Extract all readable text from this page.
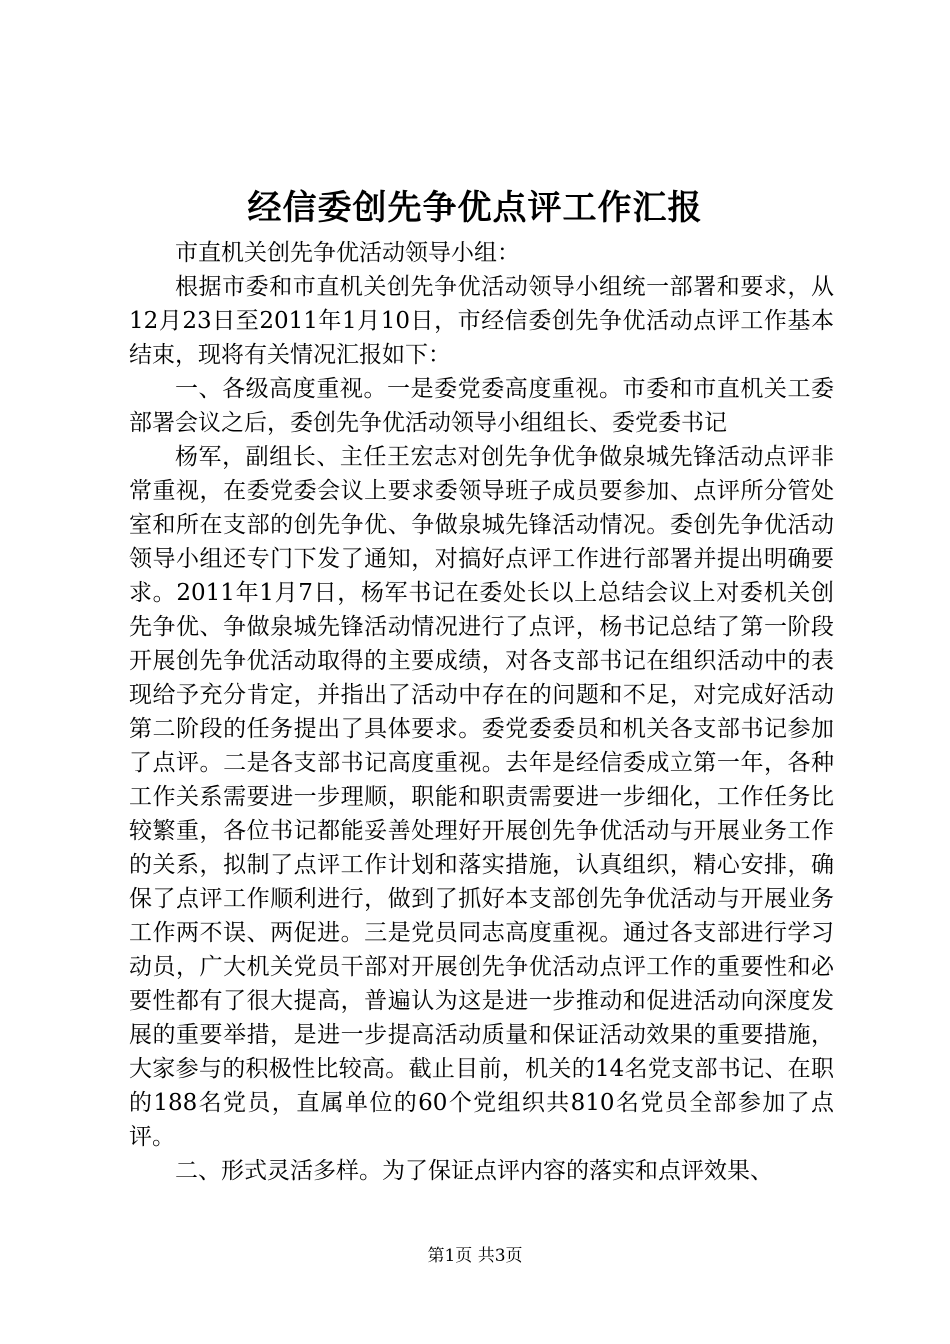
经信委创先争优点评工作汇报

市直机关创先争优活动领导小组：

根据市委和市直机关创先争优活动领导小组统一部署和要求，从12月23日至2011年1月10日，市经信委创先争优活动点评工作基本结束，现将有关情况汇报如下：

一、各级高度重视。一是委党委高度重视。市委和市直机关工委部署会议之后，委创先争优活动领导小组组长、委党委书记

杨军，副组长、主任王宏志对创先争优争做泉城先锋活动点评非常重视，在委党委会议上要求委领导班子成员要参加、点评所分管处室和所在支部的创先争优、争做泉城先锋活动情况。委创先争优活动领导小组还专门下发了通知，对搞好点评工作进行部署并提出明确要求。2011年1月7日，杨军书记在委处长以上总结会议上对委机关创先争优、争做泉城先锋活动情况进行了点评，杨书记总结了第一阶段开展创先争优活动取得的主要成绩，对各支部书记在组织活动中的表现给予充分肯定，并指出了活动中存在的问题和不足，对完成好活动第二阶段的任务提出了具体要求。委党委委员和机关各支部书记参加了点评。二是各支部书记高度重视。去年是经信委成立第一年，各种工作关系需要进一步理顺，职能和职责需要进一步细化，工作任务比较繁重，各位书记都能妥善处理好开展创先争优活动与开展业务工作的关系，拟制了点评工作计划和落实措施，认真组织，精心安排，确保了点评工作顺利进行，做到了抓好本支部创先争优活动与开展业务工作两不误、两促进。三是党员同志高度重视。通过各支部进行学习动员，广大机关党员干部对开展创先争优活动点评工作的重要性和必要性都有了很大提高，普遍认为这是进一步推动和促进活动向深度发展的重要举措，是进一步提高活动质量和保证活动效果的重要措施，大家参与的积极性比较高。截止目前，机关的14名党支部书记、在职的188名党员，直属单位的60个党组织共810名党员全部参加了点评。

二、形式灵活多样。为了保证点评内容的落实和点评效果、

第1页 共3页
